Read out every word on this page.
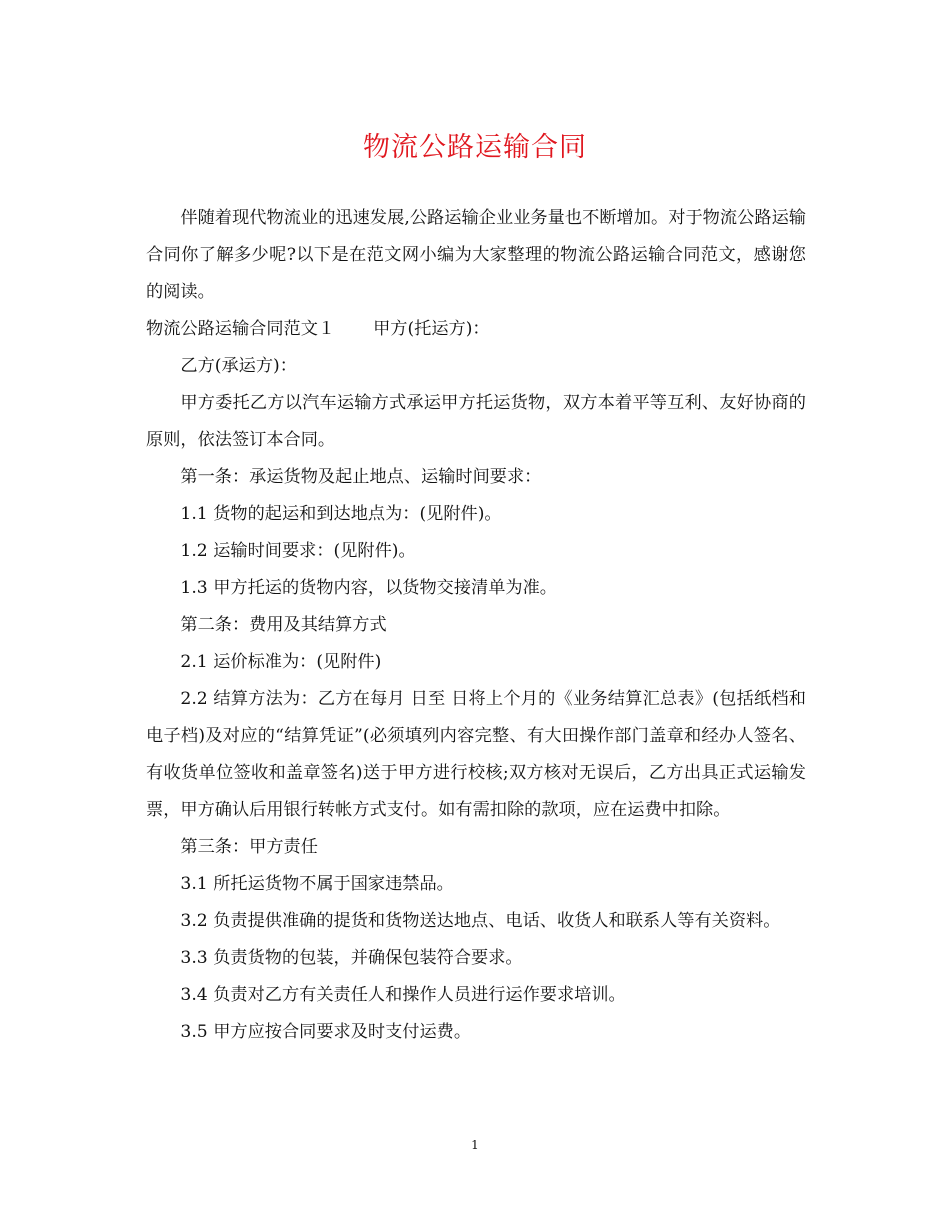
物流公路运输合同

伴随着现代物流业的迅速发展,公路运输企业业务量也不断增加。对于物流公路运输合同你了解多少呢?以下是在范文网小编为大家整理的物流公路运输合同范文，感谢您的阅读。

物流公路运输合同范文１ 甲方(托运方)：

乙方(承运方)：

甲方委托乙方以汽车运输方式承运甲方托运货物，双方本着平等互利、友好协商的原则，依法签订本合同。

第一条：承运货物及起止地点、运输时间要求：

1.1 货物的起运和到达地点为：(见附件)。

1.2 运输时间要求：(见附件)。

1.3 甲方托运的货物内容，以货物交接清单为准。

第二条：费用及其结算方式

2.1 运价标准为：(见附件)

2.2 结算方法为：乙方在每月 日至 日将上个月的《业务结算汇总表》(包括纸档和电子档)及对应的“结算凭证”(必须填列内容完整、有大田操作部门盖章和经办人签名、有收货单位签收和盖章签名)送于甲方进行校核;双方核对无误后，乙方出具正式运输发票，甲方确认后用银行转帐方式支付。如有需扣除的款项，应在运费中扣除。

第三条：甲方责任

3.1 所托运货物不属于国家违禁品。

3.2 负责提供准确的提货和货物送达地点、电话、收货人和联系人等有关资料。

3.3 负责货物的包装，并确保包装符合要求。

3.4 负责对乙方有关责任人和操作人员进行运作要求培训。

3.5 甲方应按合同要求及时支付运费。

1
